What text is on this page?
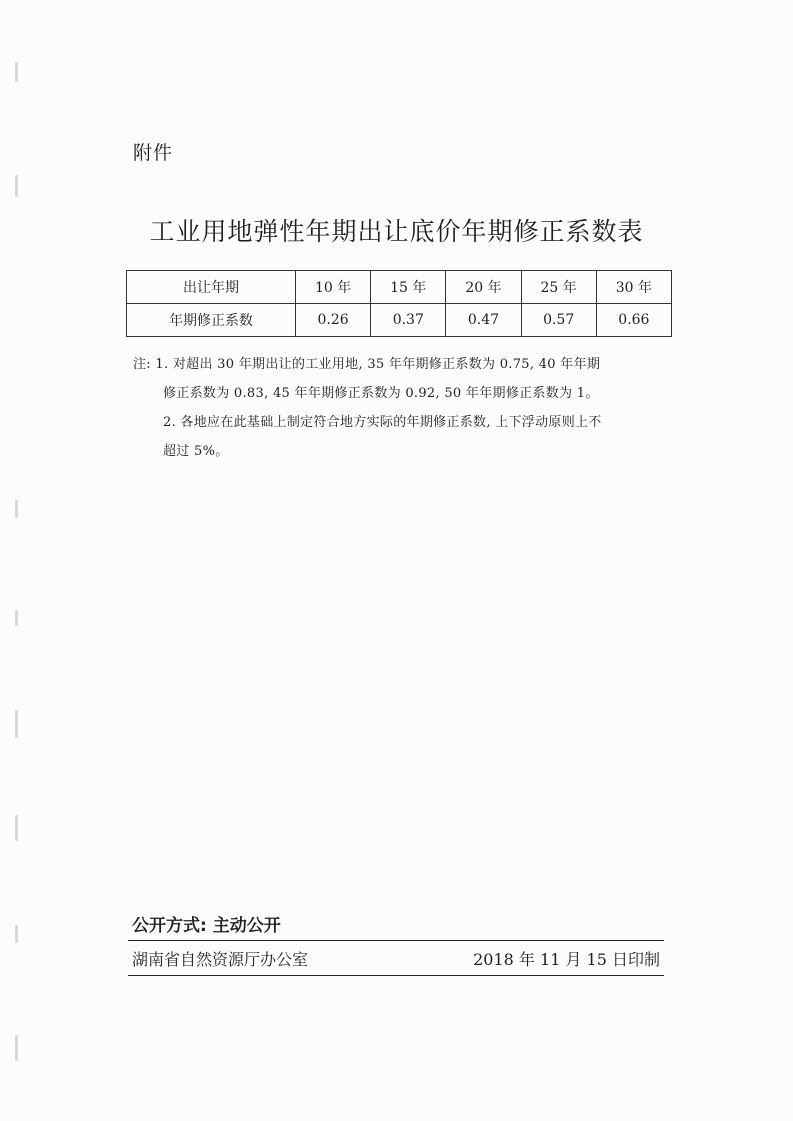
附件
工业用地弹性年期出让底价年期修正系数表
出让年期	10 年	15 年	20 年	25 年	30 年
年期修正系数	0.26	0.37	0.47	0.57	0.66
注: 1. 对超出 30 年期出让的工业用地, 35 年年期修正系数为 0.75, 40 年年期
修正系数为 0.83, 45 年年期修正系数为 0.92, 50 年年期修正系数为 1。
2. 各地应在此基础上制定符合地方实际的年期修正系数, 上下浮动原则上不
超过 5%。
公开方式: 主动公开
湖南省自然资源厅办公室	2018 年 11 月 15 日印制
